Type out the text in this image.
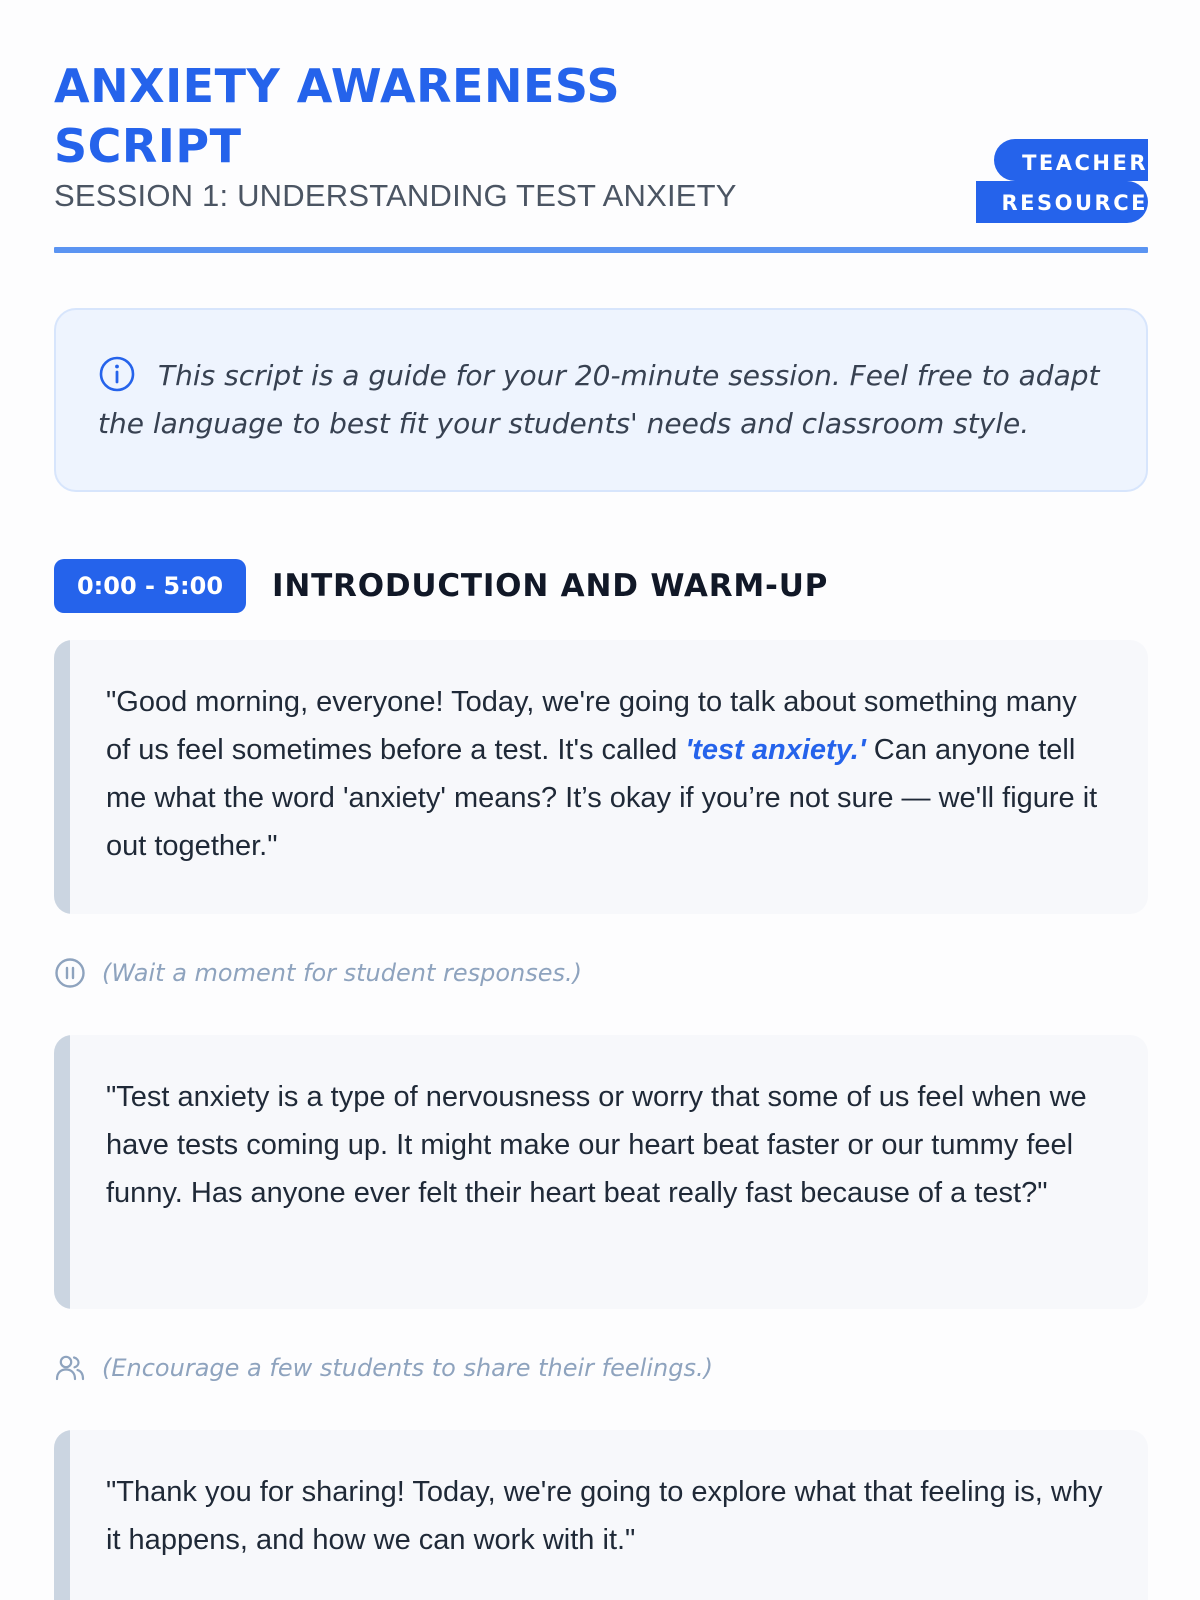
ANXIETY AWARENESS SCRIPT
SESSION 1: UNDERSTANDING TEST ANXIETY
TEACHER RESOURCE
This script is a guide for your 20-minute session. Feel free to adapt the language to best fit your students' needs and classroom style.
0:00 - 5:00	INTRODUCTION AND WARM-UP

"Good morning, everyone! Today, we're going to talk about something many of us feel sometimes before a test. It's called 'test anxiety.' Can anyone tell me what the word 'anxiety' means? It’s okay if you’re not sure — we'll figure it out together."

(Wait a moment for student responses.)

"Test anxiety is a type of nervousness or worry that some of us feel when we have tests coming up. It might make our heart beat faster or our tummy feel funny. Has anyone ever felt their heart beat really fast because of a test?"

(Encourage a few students to share their feelings.)

"Thank you for sharing! Today, we're going to explore what that feeling is, why it happens, and how we can work with it."
